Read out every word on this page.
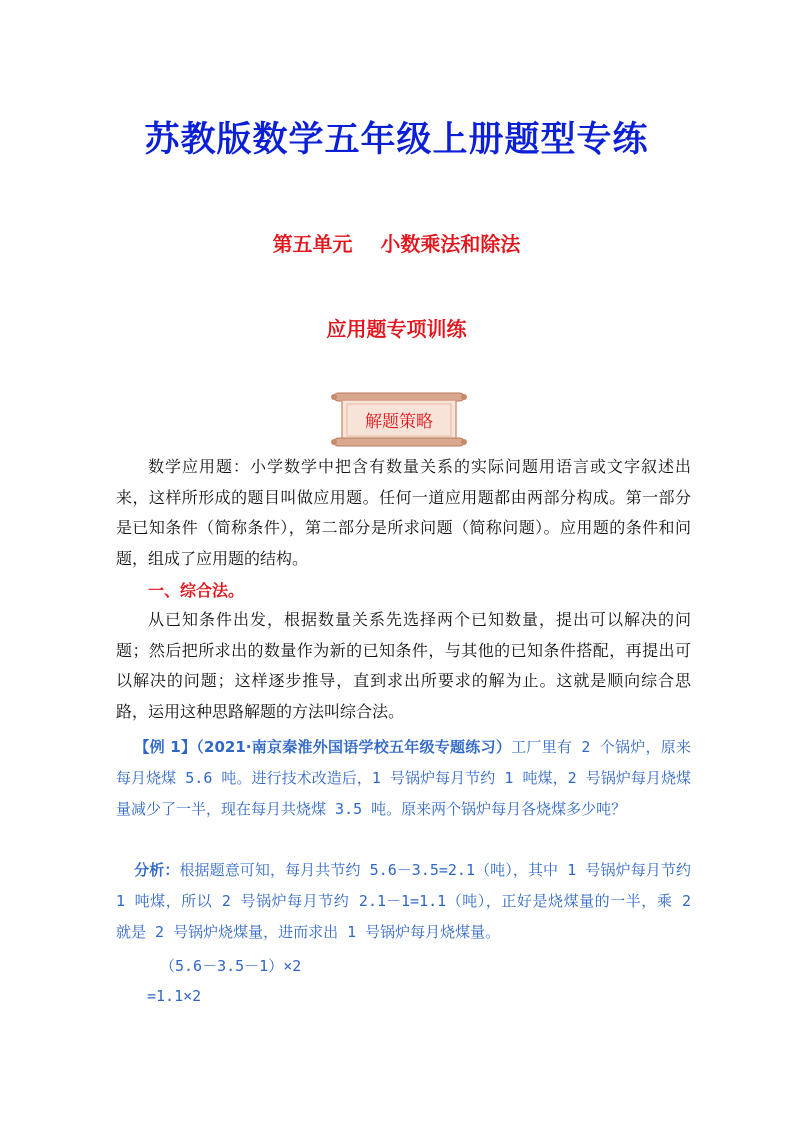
苏教版数学五年级上册题型专练
第五单元    小数乘法和除法
应用题专项训练
解题策略

数学应用题：小学数学中把含有数量关系的实际问题用语言或文字叙述出来，这样所形成的题目叫做应用题。任何一道应用题都由两部分构成。第一部分是已知条件（简称条件），第二部分是所求问题（简称问题）。应用题的条件和问题，组成了应用题的结构。

一、综合法。

从已知条件出发，根据数量关系先选择两个已知数量，提出可以解决的问题；然后把所求出的数量作为新的已知条件，与其他的已知条件搭配，再提出可以解决的问题；这样逐步推导，直到求出所要求的解为止。这就是顺向综合思路，运用这种思路解题的方法叫综合法。

  【例 1】（2021·南京秦淮外国语学校五年级专题练习）工厂里有 2 个锅炉，原来每月烧煤 5.6 吨。进行技术改造后，1 号锅炉每月节约 1 吨煤，2 号锅炉每月烧煤量减少了一半，现在每月共烧煤 3.5 吨。原来两个锅炉每月各烧煤多少吨？

  分析：根据题意可知，每月共节约 5.6－3.5=2.1（吨），其中 1 号锅炉每月节约 1 吨煤，所以 2 号锅炉每月节约 2.1－1=1.1（吨），正好是烧煤量的一半，乘 2 就是 2 号锅炉烧煤量，进而求出 1 号锅炉每月烧煤量。

（5.6－3.5－1）×2

=1.1×2
